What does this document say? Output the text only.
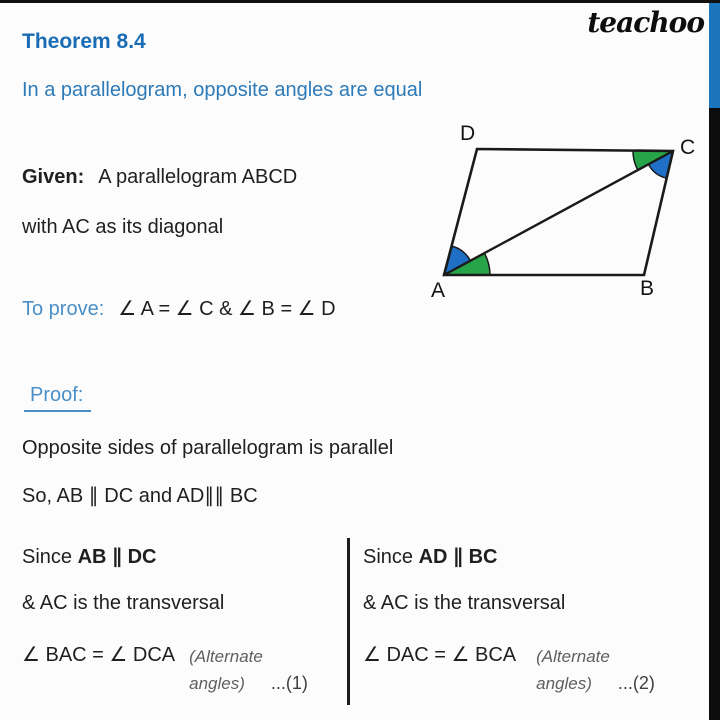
teachoo
Theorem 8.4
In a parallelogram, opposite angles are equal
Given: A parallelogram ABCD
with AC as its diagonal
To prove: ∠ A = ∠ C & ∠ B = ∠ D
Proof:
Opposite sides of parallelogram is parallel
So, AB ∥ DC and AD∥∥ BC
Since AB ∥ DC
& AC is the transversal
∠ BAC = ∠ DCA (Alternate
angles) ...(1)
Since AD ∥ BC
& AC is the transversal
∠ DAC = ∠ BCA (Alternate
angles) ...(2)
A	B
C
D
